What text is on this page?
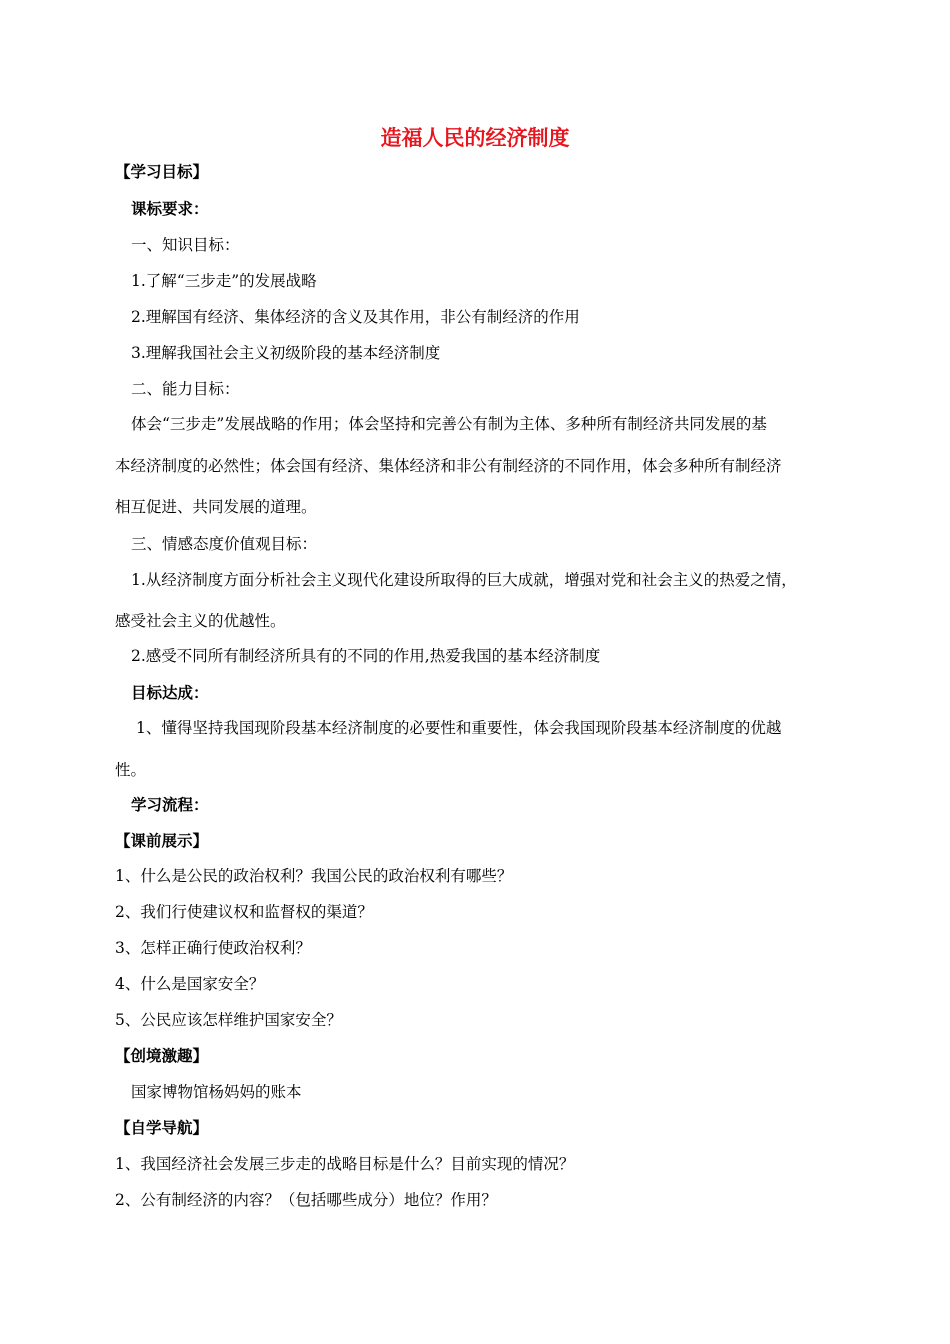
造福人民的经济制度
【学习目标】
课标要求：
一、知识目标：
1.了解“三步走”的发展战略
2.理解国有经济、集体经济的含义及其作用，非公有制经济的作用
3.理解我国社会主义初级阶段的基本经济制度
二、能力目标：
体会“三步走”发展战略的作用；体会坚持和完善公有制为主体、多种所有制经济共同发展的基
本经济制度的必然性；体会国有经济、集体经济和非公有制经济的不同作用，体会多种所有制经济
相互促进、共同发展的道理。
三、情感态度价值观目标：
1.从经济制度方面分析社会主义现代化建设所取得的巨大成就，增强对党和社会主义的热爱之情，
感受社会主义的优越性。
2.感受不同所有制经济所具有的不同的作用,热爱我国的基本经济制度
目标达成：
1、懂得坚持我国现阶段基本经济制度的必要性和重要性，体会我国现阶段基本经济制度的优越
性。
学习流程：
【课前展示】
1、什么是公民的政治权利？我国公民的政治权利有哪些？
2、我们行使建议权和监督权的渠道？
3、怎样正确行使政治权利？
4、什么是国家安全？
5、公民应该怎样维护国家安全？
【创境激趣】
国家博物馆杨妈妈的账本
【自学导航】
1、我国经济社会发展三步走的战略目标是什么？目前实现的情况？
2、公有制经济的内容？（包括哪些成分）地位？作用？
